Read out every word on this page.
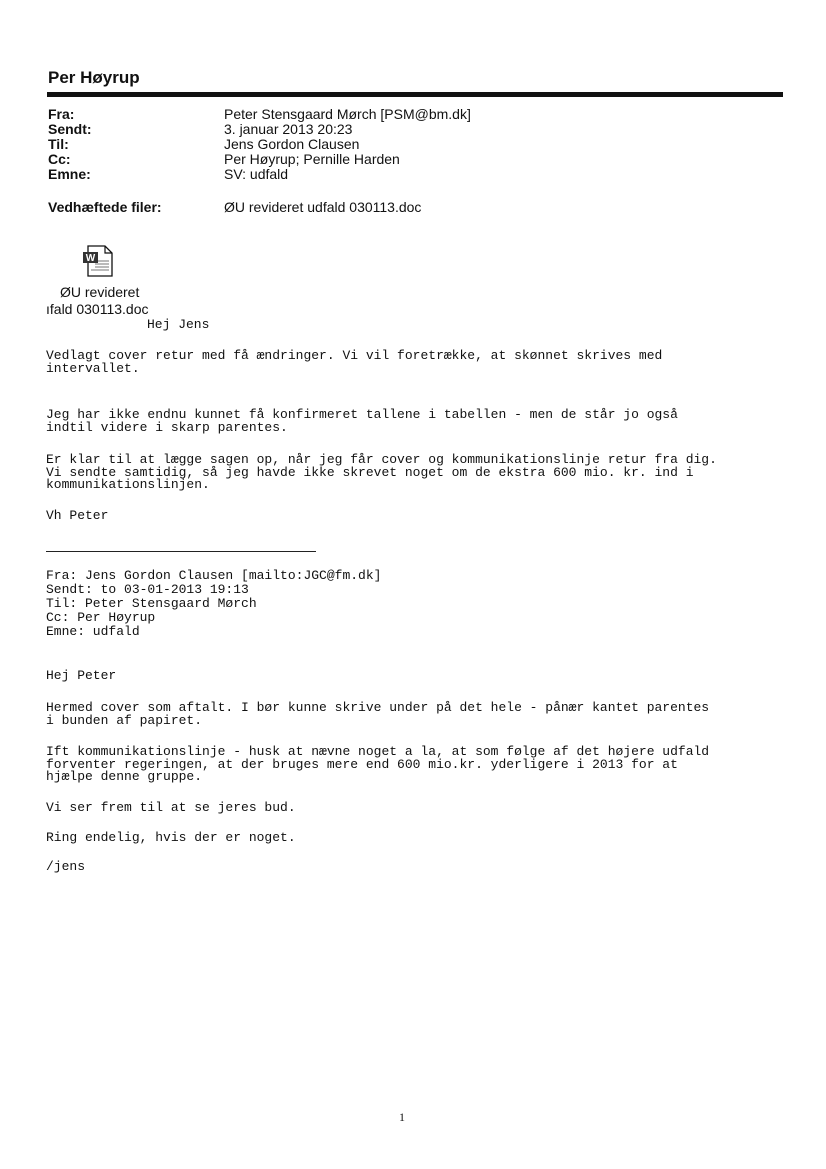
Per Høyrup
Fra:	Peter Stensgaard Mørch [PSM@bm.dk]
Sendt:	3. januar 2013 20:23
Til:	Jens Gordon Clausen
Cc:	Per Høyrup; Pernille Harden
Emne:	SV: udfald
Vedhæftede filer:	ØU revideret udfald 030113.doc
W
ØU revideret
ıfald 030113.doc
Hej Jens
Vedlagt cover retur med få ændringer. Vi vil foretrække, at skønnet skrives med
intervallet.
Jeg har ikke endnu kunnet få konfirmeret tallene i tabellen - men de står jo også
indtil videre i skarp parentes.
Er klar til at lægge sagen op, når jeg får cover og kommunikationslinje retur fra dig.
Vi sendte samtidig, så jeg havde ikke skrevet noget om de ekstra 600 mio. kr. ind i
kommunikationslinjen.
Vh Peter
Fra: Jens Gordon Clausen [mailto:JGC@fm.dk]
Sendt: to 03-01-2013 19:13
Til: Peter Stensgaard Mørch
Cc: Per Høyrup
Emne: udfald
Hej Peter
Hermed cover som aftalt. I bør kunne skrive under på det hele - pånær kantet parentes
i bunden af papiret.
Ift kommunikationslinje - husk at nævne noget a la, at som følge af det højere udfald
forventer regeringen, at der bruges mere end 600 mio.kr. yderligere i 2013 for at
hjælpe denne gruppe.
Vi ser frem til at se jeres bud.
Ring endelig, hvis der er noget.
/jens
1
